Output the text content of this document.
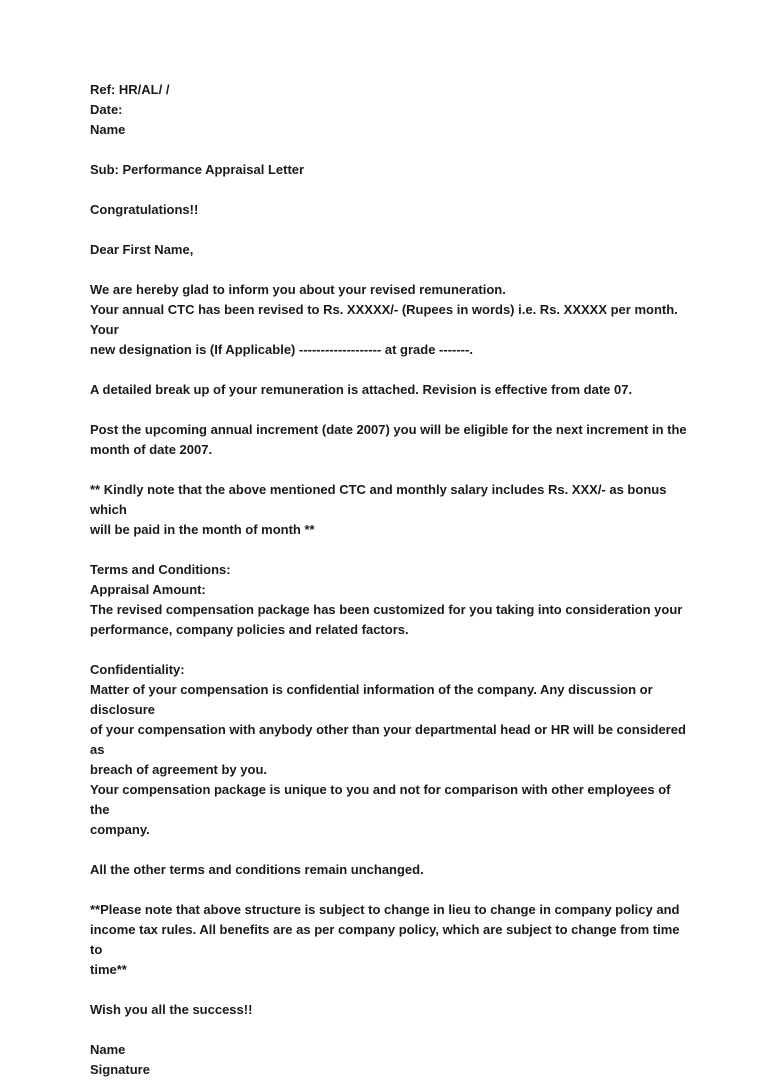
Ref: HR/AL/ /
Date:
Name
Sub: Performance Appraisal Letter
Congratulations!!
Dear First Name,
We are hereby glad to inform you about your revised remuneration.
Your annual CTC has been revised to Rs. XXXXX/- (Rupees in words) i.e. Rs. XXXXX per month. Your
new designation is (If Applicable) ------------------- at grade -------.
A detailed break up of your remuneration is attached. Revision is effective from date 07.
Post the upcoming annual increment (date 2007) you will be eligible for the next increment in the
month of date 2007.
** Kindly note that the above mentioned CTC and monthly salary includes Rs. XXX/- as bonus which
will be paid in the month of month **
Terms and Conditions:
Appraisal Amount:
The revised compensation package has been customized for you taking into consideration your
performance, company policies and related factors.
Confidentiality:
Matter of your compensation is confidential information of the company. Any discussion or disclosure
of your compensation with anybody other than your departmental head or HR will be considered as
breach of agreement by you.
Your compensation package is unique to you and not for comparison with other employees of the
company.
All the other terms and conditions remain unchanged.
**Please note that above structure is subject to change in lieu to change in company policy and
income tax rules. All benefits are as per company policy, which are subject to change from time to
time**
Wish you all the success!!
Name
Signature
